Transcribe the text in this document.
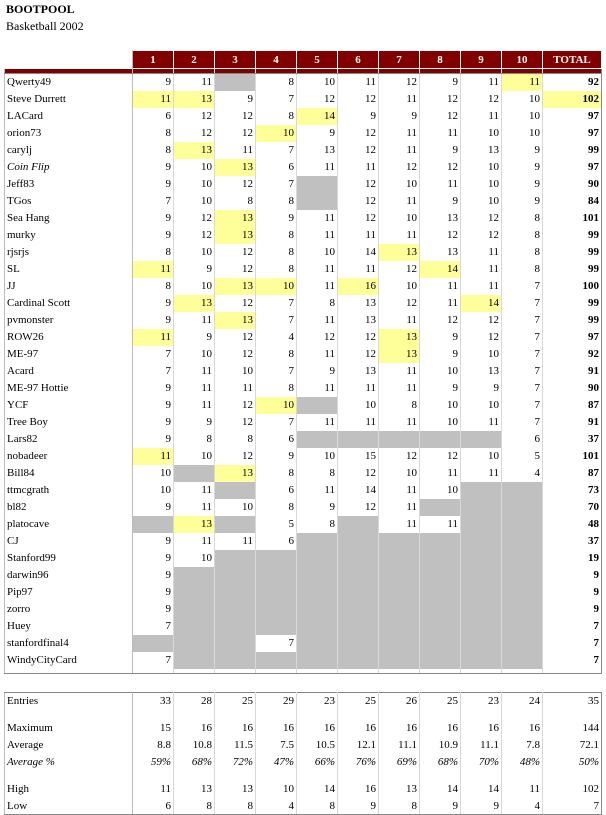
BOOTPOOL
Basketball 2002
	1	2	3	4	5	6	7	8	9	10	TOTAL

Qwerty49	9	11		8	10	11	12	9	11	11	92
Steve Durrett	11	13	9	7	12	12	11	12	12	10	102
LACard	6	12	12	8	14	9	9	12	11	10	97
orion73	8	12	12	10	9	12	11	11	10	10	97
carylj	8	13	11	7	13	12	11	9	13	9	99
Coin Flip	9	10	13	6	11	11	12	12	10	9	97
Jeff83	9	10	12	7		12	10	11	10	9	90
TGos	7	10	8	8		12	11	9	10	9	84
Sea Hang	9	12	13	9	11	12	10	13	12	8	101
murky	9	12	13	8	11	11	11	12	12	8	99
rjsrjs	8	10	12	8	10	14	13	13	11	8	99
SL	11	9	12	8	11	11	12	14	11	8	99
JJ	8	10	13	10	11	16	10	11	11	7	100
Cardinal Scott	9	13	12	7	8	13	12	11	14	7	99
pvmonster	9	11	13	7	11	13	11	12	12	7	99
ROW26	11	9	12	4	12	12	13	9	12	7	97
ME-97	7	10	12	8	11	12	13	9	10	7	92
Acard	7	11	10	7	9	13	11	10	13	7	91
ME-97 Hottie	9	11	11	8	11	11	11	9	9	7	90
YCF	9	11	12	10		10	8	10	10	7	87
Tree Boy	9	9	12	7	11	11	11	10	11	7	91
Lars82	9	8	8	6						6	37
nobadeer	11	10	12	9	10	15	12	12	10	5	101
Bill84	10		13	8	8	12	10	11	11	4	87
ttmcgrath	10	11		6	11	14	11	10			73
bl82	9	11	10	8	9	12	11				70
platocave		13		5	8		11	11			48
CJ	9	11	11	6							37
Stanford99	9	10									19
darwin96	9										9
Pip97	9										9
zorro	9										9
Huey	7										7
stanfordfinal4				7							7
WindyCityCard	7										7

Entries	33	28	25	29	23	25	26	25	23	24	35

Maximum	15	16	16	16	16	16	16	16	16	16	144
Average	8.8	10.8	11.5	7.5	10.5	12.1	11.1	10.9	11.1	7.8	72.1
Average %	59%	68%	72%	47%	66%	76%	69%	68%	70%	48%	50%

High	11	13	13	10	14	16	13	14	14	11	102
Low	6	8	8	4	8	9	8	9	9	4	7
